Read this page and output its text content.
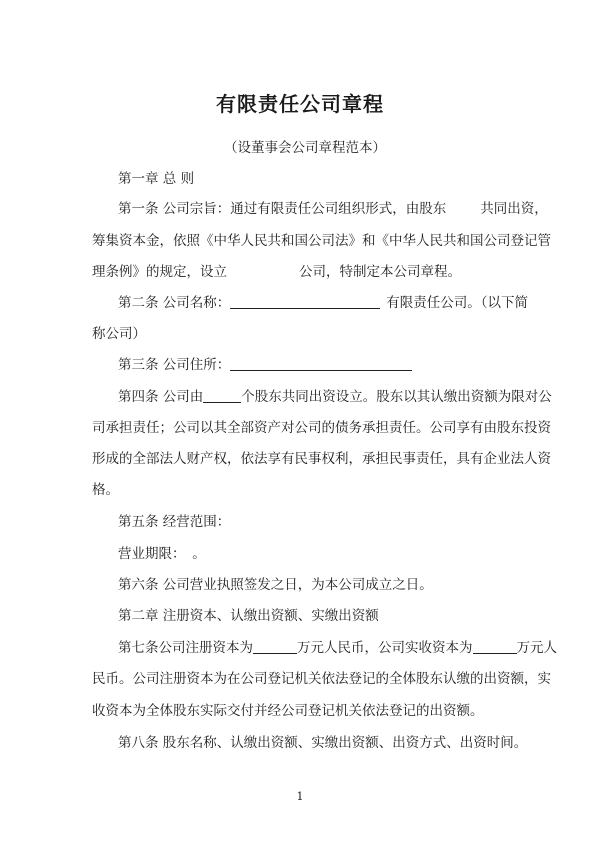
有限责任公司章程

（设董事会公司章程范本）

第一章 总 则

第一条 公司宗旨：通过有限责任公司组织形式，由股东	共同出资，

筹集资本金，依照《中华人民共和国公司法》和《中华人民共和国公司登记管

理条例》的规定，设立	公司，特制定本公司章程。

第二条 公司名称：	有限责任公司。（以下简

称公司）

第三条 公司住所：

第四条 公司由	个股东共同出资设立。股东以其认缴出资额为限对公

司承担责任；公司以其全部资产对公司的债务承担责任。公司享有由股东投资

形成的全部法人财产权，依法享有民事权利，承担民事责任，具有企业法人资

格。

第五条 经营范围：

营业期限：　。

第六条 公司营业执照签发之日，为本公司成立之日。

第二章 注册资本、认缴出资额、实缴出资额

第七条公司注册资本为	万元人民币，公司实收资本为	万元人

民币。公司注册资本为在公司登记机关依法登记的全体股东认缴的出资额，实

收资本为全体股东实际交付并经公司登记机关依法登记的出资额。

第八条 股东名称、认缴出资额、实缴出资额、出资方式、出资时间。

1
